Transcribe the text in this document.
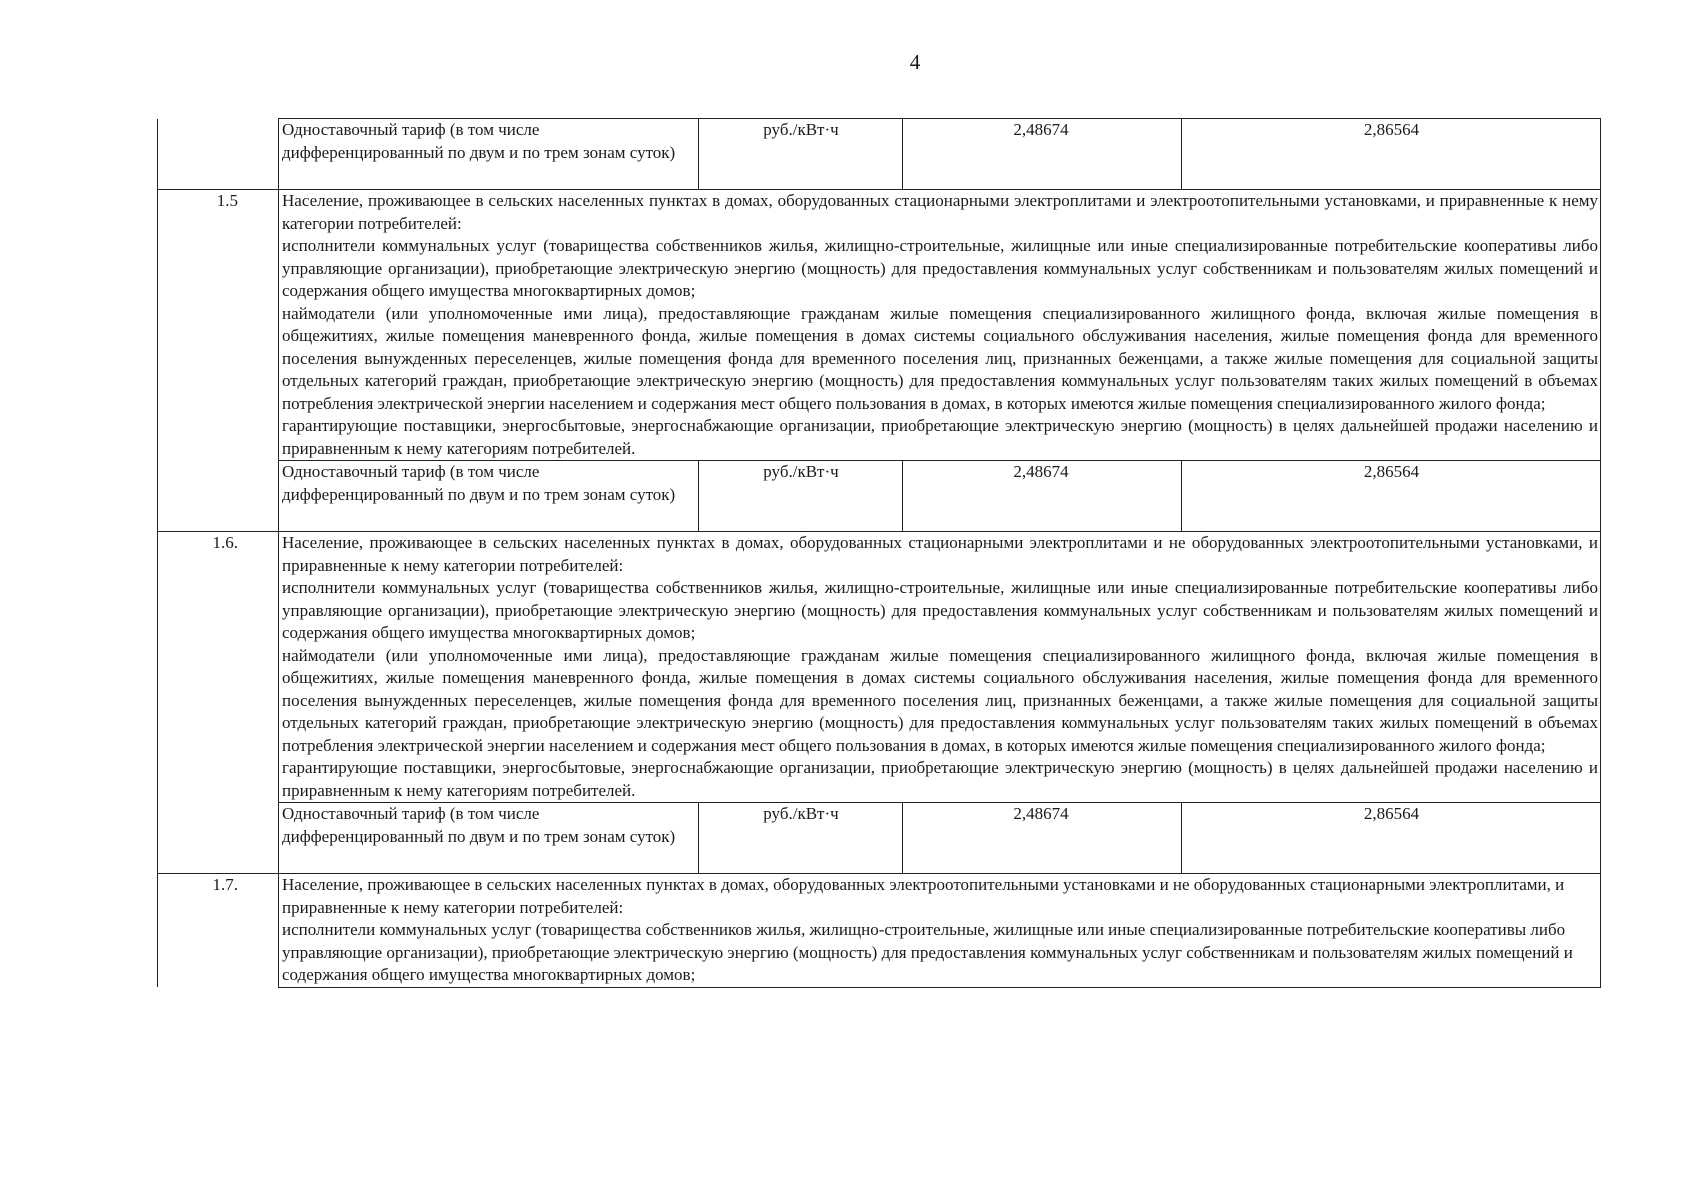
4
	Одноставочный тариф (в том числе дифференцированный по двум и по трем зонам суток)	руб./кВт·ч	2,48674	2,86564
1.5	Население, проживающее в сельских населенных пунктах в домах, оборудованных стационарными электроплитами и электроотопительными установками, и приравненные к нему категории потребителей:
исполнители коммунальных услуг (товарищества собственников жилья, жилищно-строительные, жилищные или иные специализированные потребительские кооперативы либо управляющие организации), приобретающие электрическую энергию (мощность) для предоставления коммунальных услуг собственникам и пользователям жилых помещений и содержания общего имущества многоквартирных домов;
наймодатели (или уполномоченные ими лица), предоставляющие гражданам жилые помещения специализированного жилищного фонда, включая жилые помещения в общежитиях, жилые помещения маневренного фонда, жилые помещения в домах системы социального обслуживания населения, жилые помещения фонда для временного поселения вынужденных переселенцев, жилые помещения фонда для временного поселения лиц, признанных беженцами, а также жилые помещения для социальной защиты отдельных категорий граждан, приобретающие электрическую энергию (мощность) для предоставления коммунальных услуг пользователям таких жилых помещений в объемах потребления электрической энергии населением и содержания мест общего пользования в домах, в которых имеются жилые помещения специализированного жилого фонда;
гарантирующие поставщики, энергосбытовые, энергоснабжающие организации, приобретающие электрическую энергию (мощность) в целях дальнейшей продажи населению и приравненным к нему категориям потребителей.			

	Одноставочный тариф (в том числе дифференцированный по двум и по трем зонам суток)	руб./кВт·ч	2,48674	2,86564
1.6.	Население, проживающее в сельских населенных пунктах в домах, оборудованных стационарными электроплитами и не оборудованных электроотопительными установками, и приравненные к нему категории потребителей:
исполнители коммунальных услуг (товарищества собственников жилья, жилищно-строительные, жилищные или иные специализированные потребительские кооперативы либо управляющие организации), приобретающие электрическую энергию (мощность) для предоставления коммунальных услуг собственникам и пользователям жилых помещений и содержания общего имущества многоквартирных домов;
наймодатели (или уполномоченные ими лица), предоставляющие гражданам жилые помещения специализированного жилищного фонда, включая жилые помещения в общежитиях, жилые помещения маневренного фонда, жилые помещения в домах системы социального обслуживания населения, жилые помещения фонда для временного поселения вынужденных переселенцев, жилые помещения фонда для временного поселения лиц, признанных беженцами, а также жилые помещения для социальной защиты отдельных категорий граждан, приобретающие электрическую энергию (мощность) для предоставления коммунальных услуг пользователям таких жилых помещений в объемах потребления электрической энергии населением и содержания мест общего пользования в домах, в которых имеются жилые помещения специализированного жилого фонда;
гарантирующие поставщики, энергосбытовые, энергоснабжающие организации, приобретающие электрическую энергию (мощность) в целях дальнейшей продажи населению и приравненным к нему категориям потребителей.			

	Одноставочный тариф (в том числе дифференцированный по двум и по трем зонам суток)	руб./кВт·ч	2,48674	2,86564
1.7.	Население, проживающее в сельских населенных пунктах в домах, оборудованных электроотопительными установками и не оборудованных стационарными электроплитами, и приравненные к нему категории потребителей:
исполнители коммунальных услуг (товарищества собственников жилья, жилищно-строительные, жилищные или иные специализированные потребительские кооперативы либо управляющие организации), приобретающие электрическую энергию (мощность) для предоставления коммунальных услуг собственникам и пользователям жилых помещений и содержания общего имущества многоквартирных домов;			
